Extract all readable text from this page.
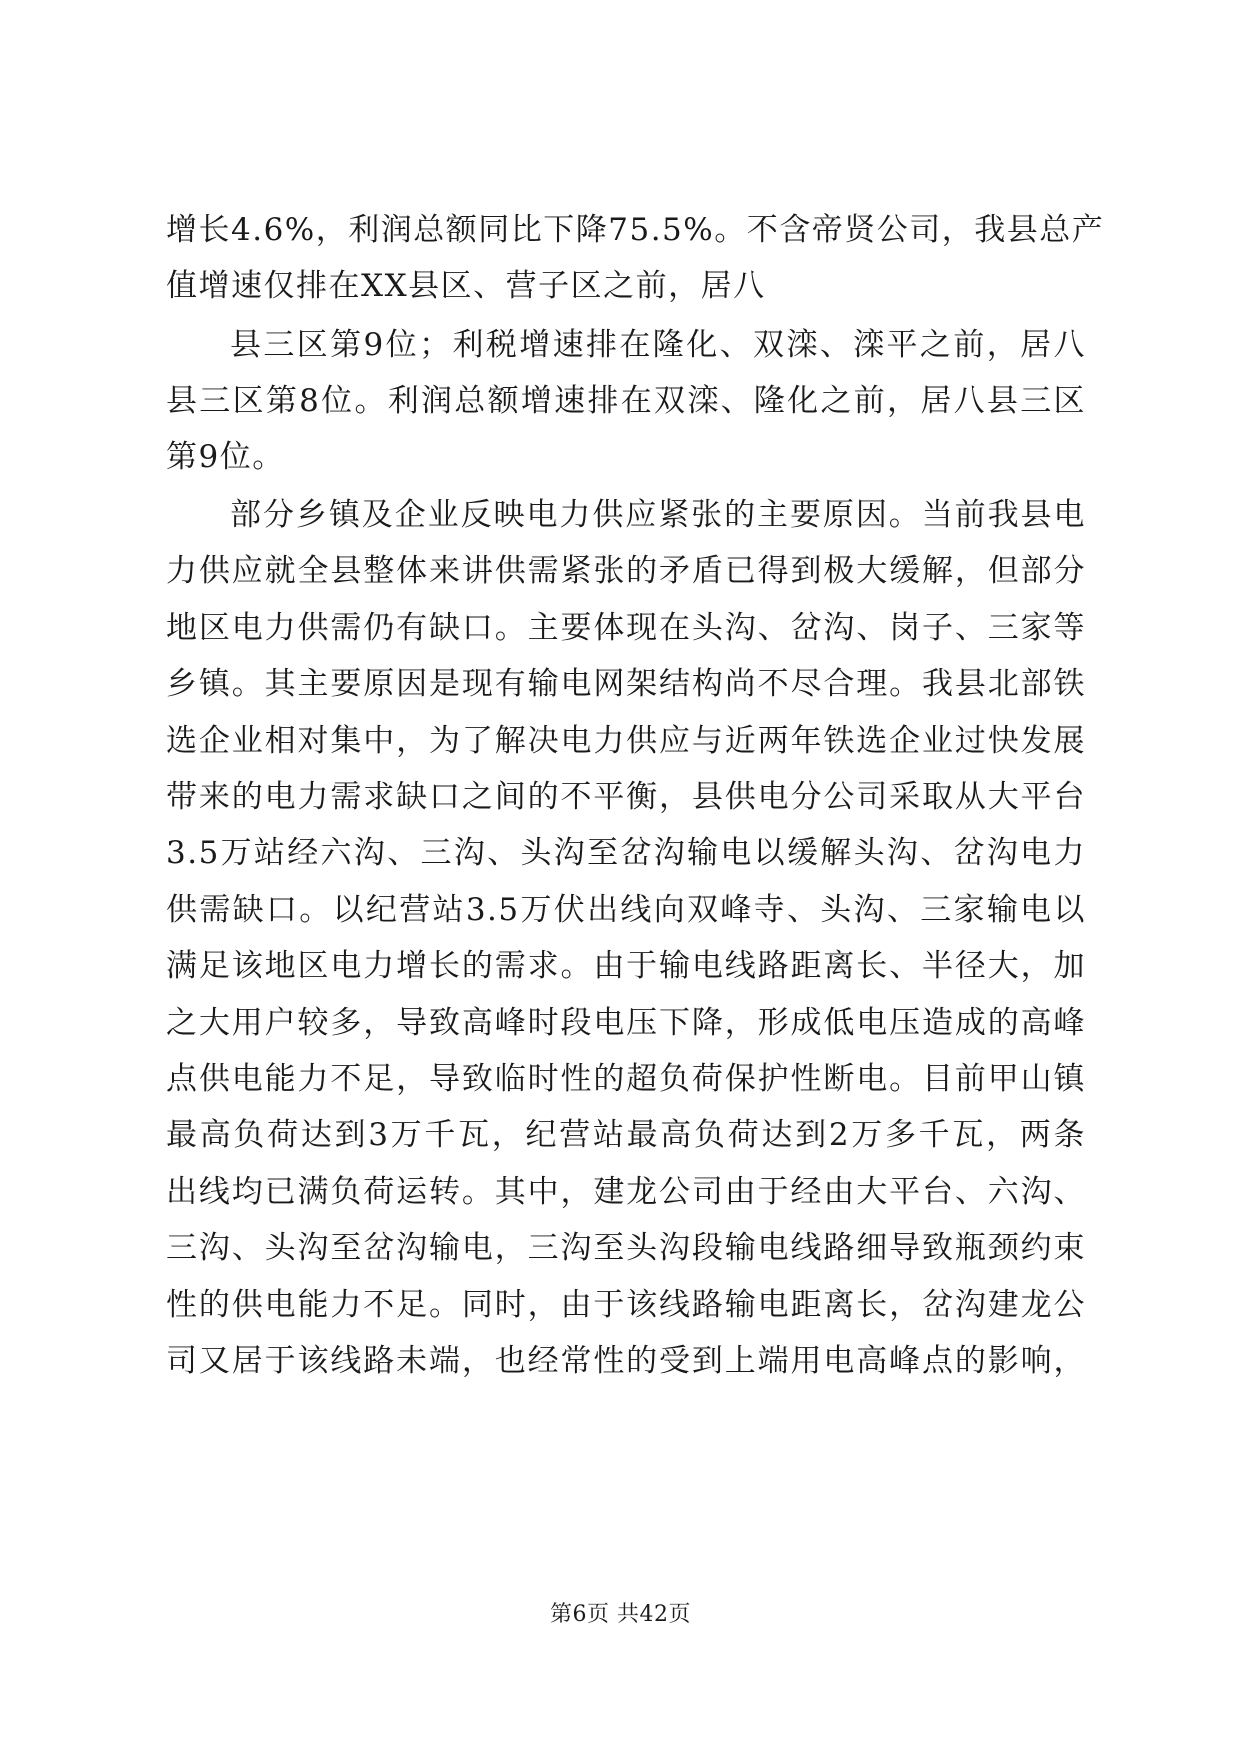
增长4.6%，利润总额同比下降75.5%。不含帝贤公司，我县总产
值增速仅排在XX县区、营子区之前，居八
县三区第9位；利税增速排在隆化、双滦、滦平之前，居八
县三区第8位。利润总额增速排在双滦、隆化之前，居八县三区
第9位。
部分乡镇及企业反映电力供应紧张的主要原因。当前我县电
力供应就全县整体来讲供需紧张的矛盾已得到极大缓解，但部分
地区电力供需仍有缺口。主要体现在头沟、岔沟、岗子、三家等
乡镇。其主要原因是现有输电网架结构尚不尽合理。我县北部铁
选企业相对集中，为了解决电力供应与近两年铁选企业过快发展
带来的电力需求缺口之间的不平衡，县供电分公司采取从大平台
3.5万站经六沟、三沟、头沟至岔沟输电以缓解头沟、岔沟电力
供需缺口。以纪营站3.5万伏出线向双峰寺、头沟、三家输电以
满足该地区电力增长的需求。由于输电线路距离长、半径大，加
之大用户较多，导致高峰时段电压下降，形成低电压造成的高峰
点供电能力不足，导致临时性的超负荷保护性断电。目前甲山镇
最高负荷达到3万千瓦，纪营站最高负荷达到2万多千瓦，两条
出线均已满负荷运转。其中，建龙公司由于经由大平台、六沟、
三沟、头沟至岔沟输电，三沟至头沟段输电线路细导致瓶颈约束
性的供电能力不足。同时，由于该线路输电距离长，岔沟建龙公
司又居于该线路未端，也经常性的受到上端用电高峰点的影响，
第6页 共42页
